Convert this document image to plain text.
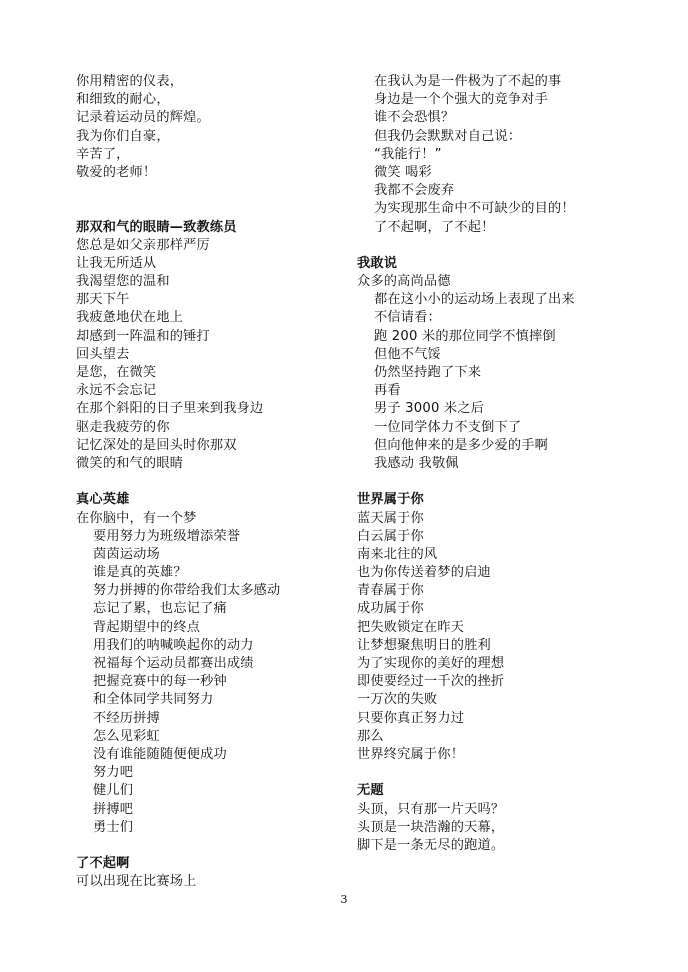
你用精密的仪表，
和细致的耐心，
记录着运动员的辉煌。
我为你们自豪，
辛苦了，
敬爱的老师！
那双和气的眼睛—致教练员
您总是如父亲那样严厉
让我无所适从
我渴望您的温和
那天下午
我疲惫地伏在地上
却感到一阵温和的锤打
回头望去
是您，在微笑
永远不会忘记
在那个斜阳的日子里来到我身边
驱走我疲劳的你
记忆深处的是回头时你那双
微笑的和气的眼睛
真心英雄
在你脑中，有一个梦
要用努力为班级增添荣誉
茵茵运动场
谁是真的英雄？
努力拼搏的你带给我们太多感动
忘记了累，也忘记了痛
背起期望中的终点
用我们的呐喊唤起你的动力
祝福每个运动员都赛出成绩
把握竞赛中的每一秒钟
和全体同学共同努力
不经历拼搏
怎么见彩虹
没有谁能随随便便成功
努力吧
健儿们
拼搏吧
勇士们
了不起啊
可以出现在比赛场上
在我认为是一件极为了不起的事
身边是一个个强大的竞争对手
谁不会恐惧？
但我仍会默默对自己说：
“我能行！”
微笑 喝彩
我都不会废弃
为实现那生命中不可缺少的目的！
了不起啊，了不起！
我敢说
众多的高尚品德
都在这小小的运动场上表现了出来
不信请看：
跑 200 米的那位同学不慎摔倒
但他不气馁
仍然坚持跑了下来
再看
男子 3000 米之后
一位同学体力不支倒下了
但向他伸来的是多少爱的手啊
我感动 我敬佩
世界属于你
蓝天属于你
白云属于你
南来北往的风
也为你传送着梦的启迪
青春属于你
成功属于你
把失败锁定在昨天
让梦想聚焦明日的胜利
为了实现你的美好的理想
即使要经过一千次的挫折
一万次的失败
只要你真正努力过
那么
世界终究属于你！
无题
头顶，只有那一片天吗？
头顶是一块浩瀚的天幕，
脚下是一条无尽的跑道。
3
